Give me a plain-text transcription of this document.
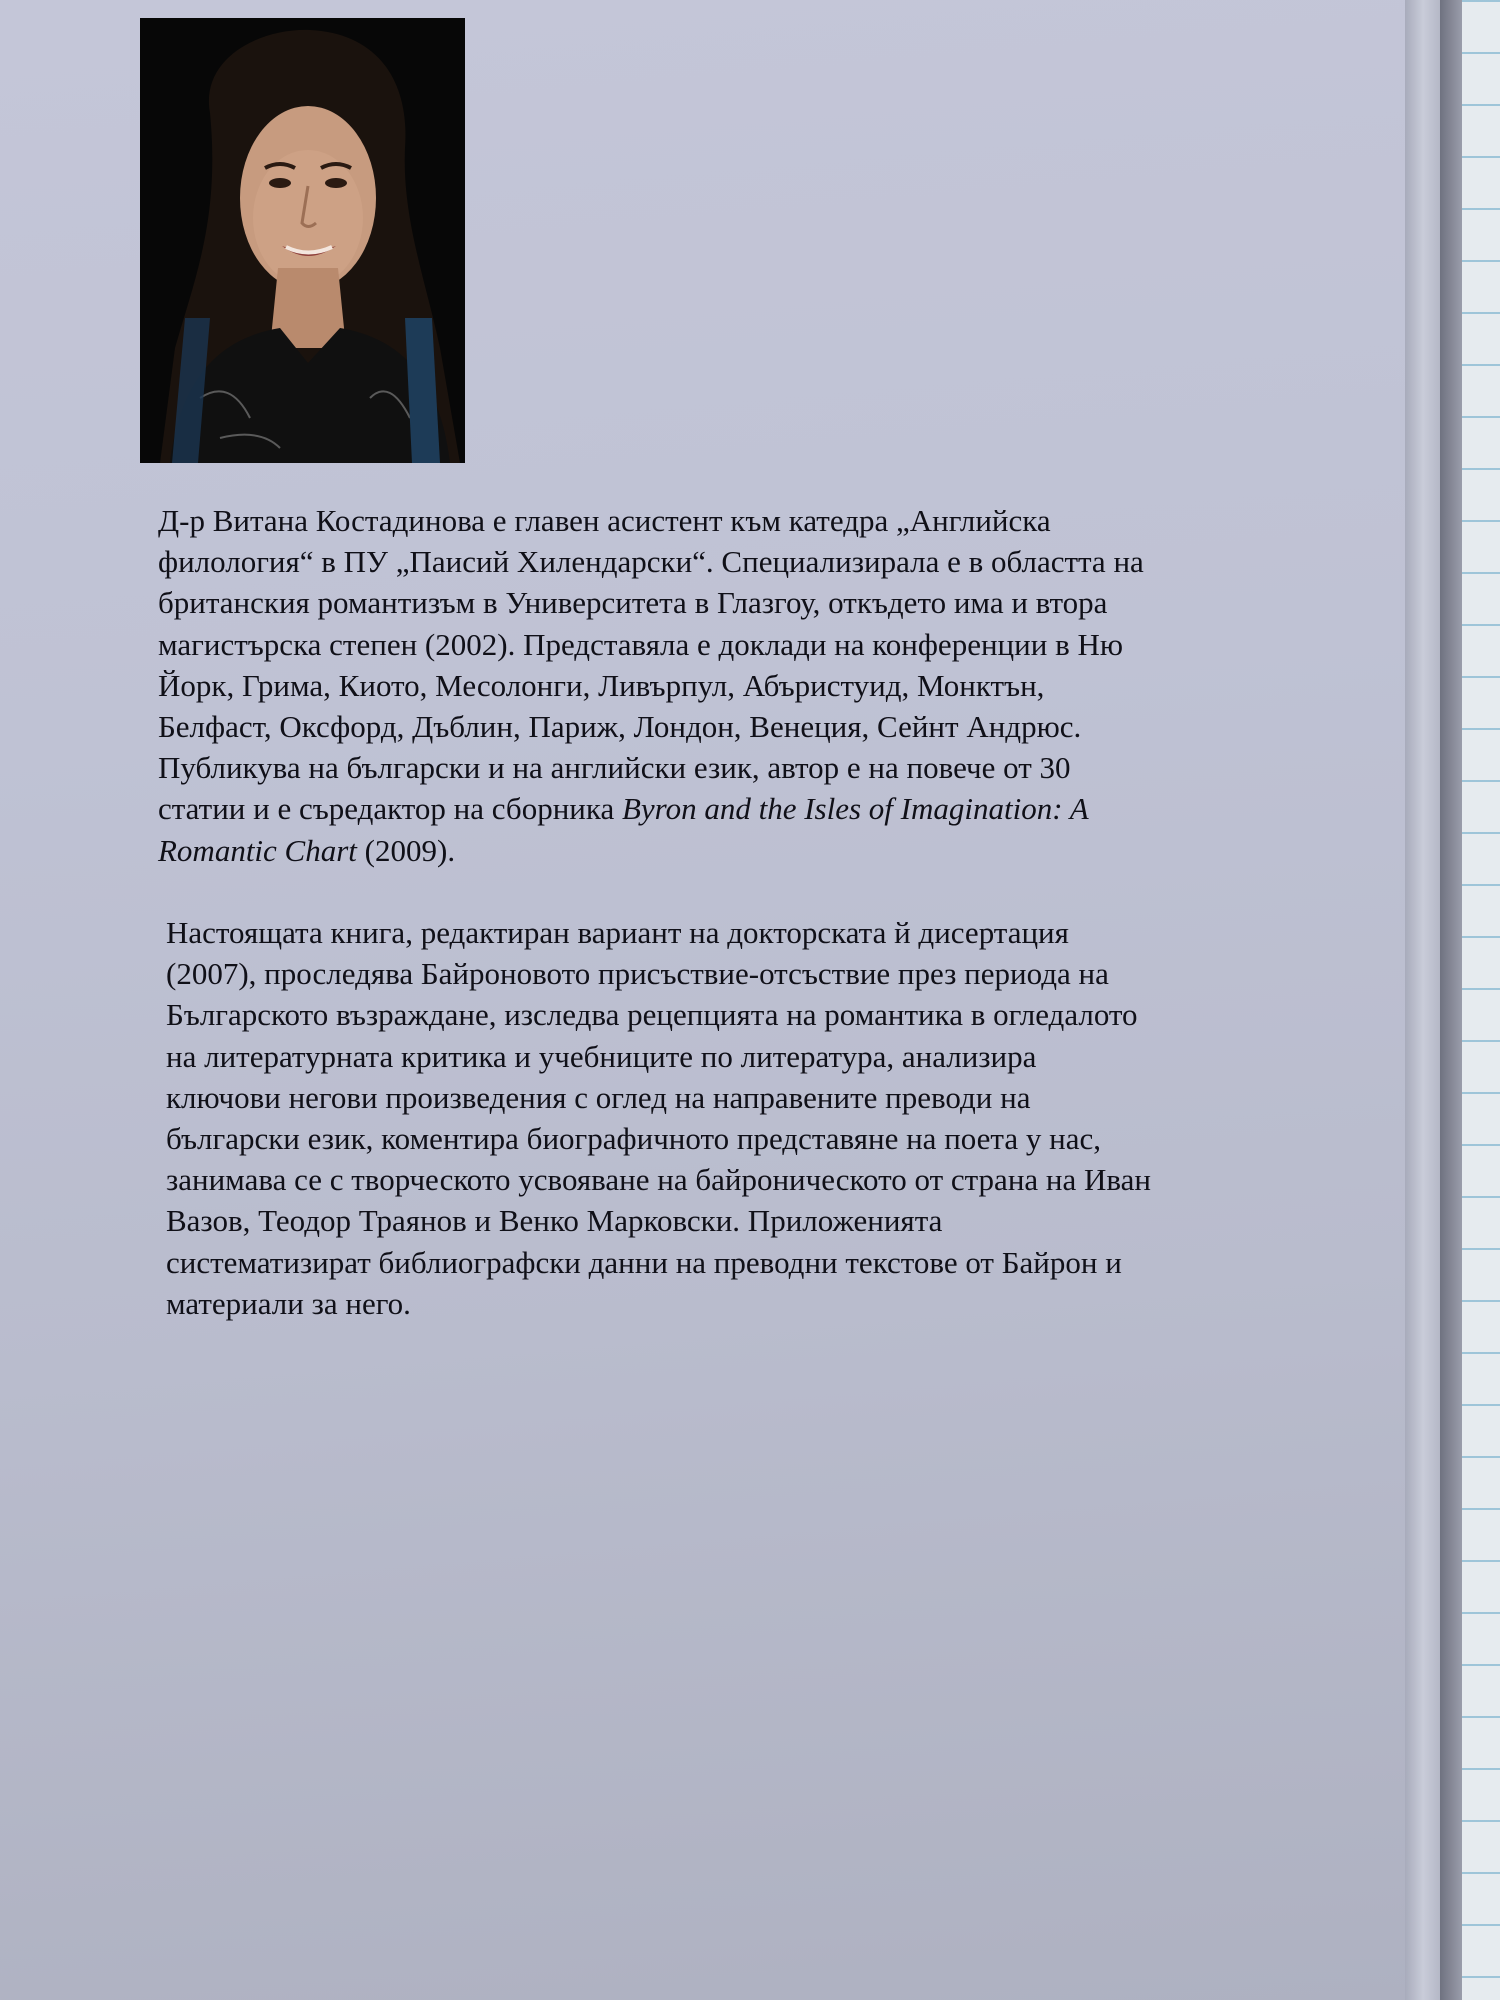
Д-р Витана Костадинова е главен асистент към катедра „Английска
филология“ в ПУ „Паисий Хилендарски“. Специализирала е в областта на
британския романтизъм в Университета в Глазгоу, откъдето има и втора
магистърска степен (2002). Представяла е доклади на конференции в Ню
Йорк, Грима, Киото, Месолонги, Ливърпул, Абъристуид, Монктън,
Белфаст, Оксфорд, Дъблин, Париж, Лондон, Венеция, Сейнт Андрюс.
Публикува на български и на английски език, автор е на повече от 30
статии и е съредактор на сборника Byron and the Isles of Imagination: A
Romantic Chart (2009).
Настоящата книга, редактиран вариант на докторската й дисертация
(2007), проследява Байроновото присъствие-отсъствие през периода на
Българското възраждане, изследва рецепцията на романтика в огледалото
на литературната критика и учебниците по литература, анализира
ключови негови произведения с оглед на направените преводи на
български език, коментира биографичното представяне на поета у нас,
занимава се с творческото усвояване на байроническото от страна на Иван
Вазов, Теодор Траянов и Венко Марковски. Приложенията
систематизират библиографски данни на преводни текстове от Байрон и
материали за него.
